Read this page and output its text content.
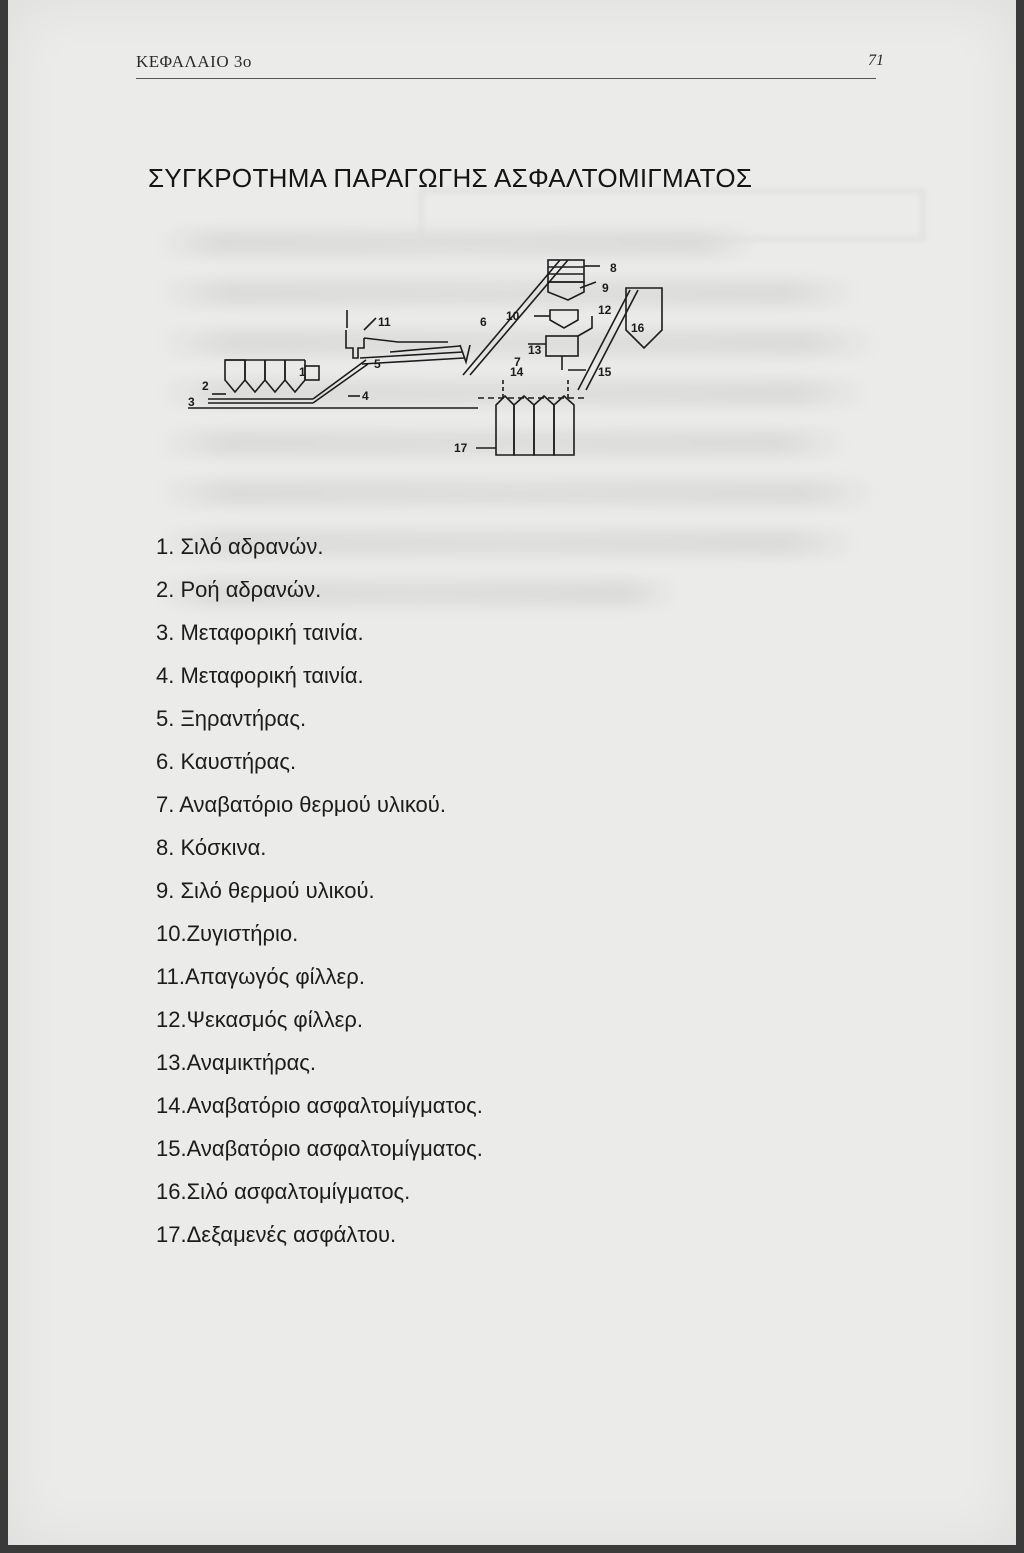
ΚΕΦΑΛΑΙΟ 3ο	71
ΣΥΓΚΡΟΤΗΜΑ ΠΑΡΑΓΩΓΗΣ ΑΣΦΑΛΤΟΜΙΓΜΑΤΟΣ
1
2
3	4
5
6
7
8
9
10
11
12
13
14	15
16
17
1. Σιλό αδρανών.
2. Ροή αδρανών.
3. Μεταφορική ταινία.
4. Μεταφορική ταινία.
5. Ξηραντήρας.
6. Καυστήρας.
7. Αναβατόριο θερμού υλικού.
8. Κόσκινα.
9. Σιλό θερμού υλικού.
10.Ζυγιστήριο.
11.Απαγωγός φίλλερ.
12.Ψεκασμός φίλλερ.
13.Αναμικτήρας.
14.Αναβατόριο ασφαλτομίγματος.
15.Αναβατόριο ασφαλτομίγματος.
16.Σιλό ασφαλτομίγματος.
17.Δεξαμενές ασφάλτου.
